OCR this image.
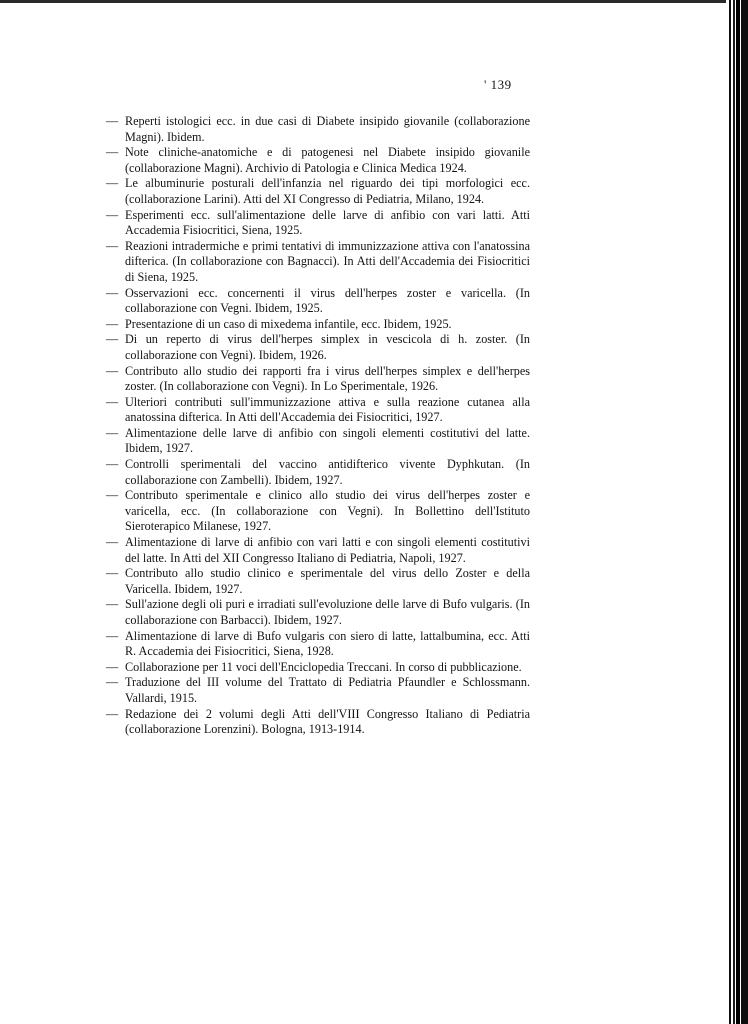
' 139
— Reperti istologici ecc. in due casi di Diabete insipido giovanile (collaborazione Magni). Ibidem.
— Note cliniche-anatomiche e di patogenesi nel Diabete insipido giovanile (collaborazione Magni). Archivio di Patologia e Clinica Medica 1924.
— Le albuminurie posturali dell'infanzia nel riguardo dei tipi morfologici ecc. (collaborazione Larini). Atti del XI Congresso di Pediatria, Milano, 1924.
— Esperimenti ecc. sull'alimentazione delle larve di anfibio con vari latti. Atti Accademia Fisiocritici, Siena, 1925.
— Reazioni intradermiche e primi tentativi di immunizzazione attiva con l'anatossina difterica. (In collaborazione con Bagnacci). In Atti dell'Accademia dei Fisiocritici di Siena, 1925.
— Osservazioni ecc. concernenti il virus dell'herpes zoster e varicella. (In collaborazione con Vegni. Ibidem, 1925.
— Presentazione di un caso di mixedema infantile, ecc. Ibidem, 1925.
— Di un reperto di virus dell'herpes simplex in vescicola di h. zoster. (In collaborazione con Vegni). Ibidem, 1926.
— Contributo allo studio dei rapporti fra i virus dell'herpes simplex e dell'herpes zoster. (In collaborazione con Vegni). In Lo Sperimentale, 1926.
— Ulteriori contributi sull'immunizzazione attiva e sulla reazione cutanea alla anatossina difterica. In Atti dell'Accademia dei Fisiocritici, 1927.
— Alimentazione delle larve di anfibio con singoli elementi costitutivi del latte. Ibidem, 1927.
— Controlli sperimentali del vaccino antidifterico vivente Dyphkutan. (In collaborazione con Zambelli). Ibidem, 1927.
— Contributo sperimentale e clinico allo studio dei virus dell'herpes zoster e varicella, ecc. (In collaborazione con Vegni). In Bollettino dell'Istituto Sieroterapico Milanese, 1927.
— Alimentazione di larve di anfibio con vari latti e con singoli elementi costitutivi del latte. In Atti del XII Congresso Italiano di Pediatria, Napoli, 1927.
— Contributo allo studio clinico e sperimentale del virus dello Zoster e della Varicella. Ibidem, 1927.
— Sull'azione degli oli puri e irradiati sull'evoluzione delle larve di Bufo vulgaris. (In collaborazione con Barbacci). Ibidem, 1927.
— Alimentazione di larve di Bufo vulgaris con siero di latte, lattalbumina, ecc. Atti R. Accademia dei Fisiocritici, Siena, 1928.
— Collaborazione per 11 voci dell'Enciclopedia Treccani. In corso di pubblicazione.
— Traduzione del III volume del Trattato di Pediatria Pfaundler e Schlossmann. Vallardi, 1915.
— Redazione dei 2 volumi degli Atti dell'VIII Congresso Italiano di Pediatria (collaborazione Lorenzini). Bologna, 1913-1914.
